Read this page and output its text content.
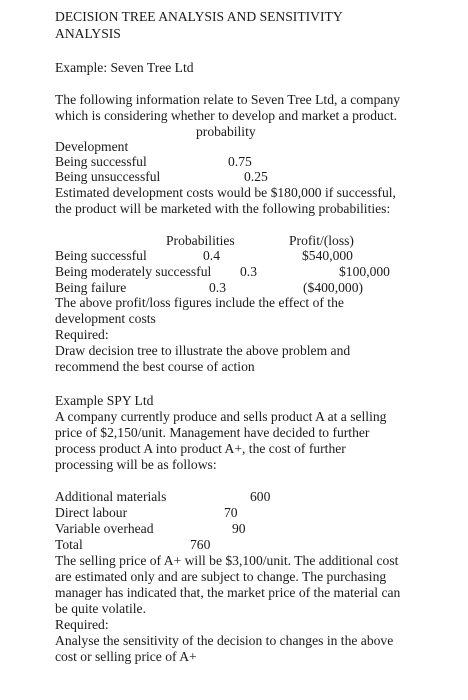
DECISION TREE ANALYSIS AND SENSITIVITY
ANALYSIS
Example: Seven Tree Ltd
The following information relate to Seven Tree Ltd, a company
which is considering whether to develop and market a product.
probability
Development
Being successful	0.75
Being unsuccessful	0.25
Estimated development costs would be $180,000 if successful,
the product will be marketed with the following probabilities:
Probabilities	Profit/(loss)
Being successful	0.4	$540,000
Being moderately successful 0.3	$100,000
Being failure	0.3	($400,000)
The above profit/loss figures include the effect of the
development costs
Required:
Draw decision tree to illustrate the above problem and
recommend the best course of action
Example SPY Ltd
A company currently produce and sells product A at a selling
price of $2,150/unit. Management have decided to further
process product A into product A+, the cost of further
processing will be as follows:
Additional materials	600
Direct labour	70
Variable overhead	90
Total	760
The selling price of A+ will be $3,100/unit. The additional cost
are estimated only and are subject to change. The purchasing
manager has indicated that, the market price of the material can
be quite volatile.
Required:
Analyse the sensitivity of the decision to changes in the above
cost or selling price of A+
